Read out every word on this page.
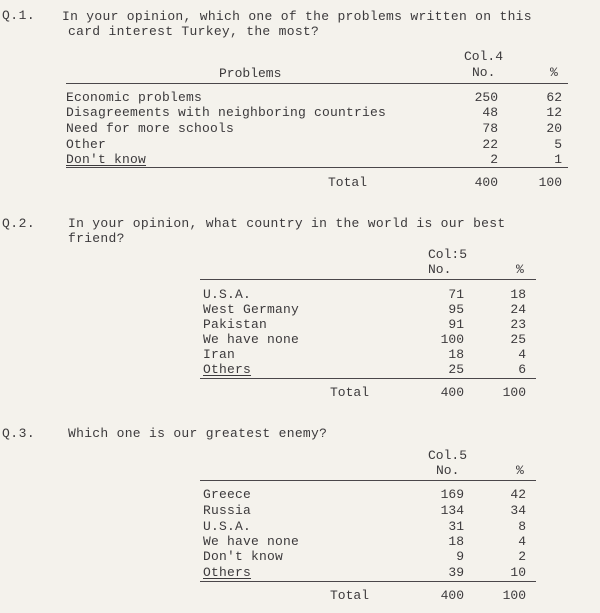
Q.1. In your opinion, which one of the problems written on this
card interest Turkey, the most?
Col.4
Problems	No.	%
Economic problems	250	62
Disagreements with neighboring countries	48	12
Need for more schools	78	20
Other	22	5
Don't know	2	1
Total	400	100
Q.2.	In your opinion, what country in the world is our best
friend?
Col:5
No.	%
U.S.A.	71	18
West Germany	95	24
Pakistan	91	23
We have none	100	25
Iran	18	4
Others	25	6
Total	400	100
Q.3.	Which one is our greatest enemy?
Col.5
No.	%
Greece	169	42
Russia	134	34
U.S.A.	31	8
We have none	18	4
Don't know	9	2
Others	39	10
Total	400	100
